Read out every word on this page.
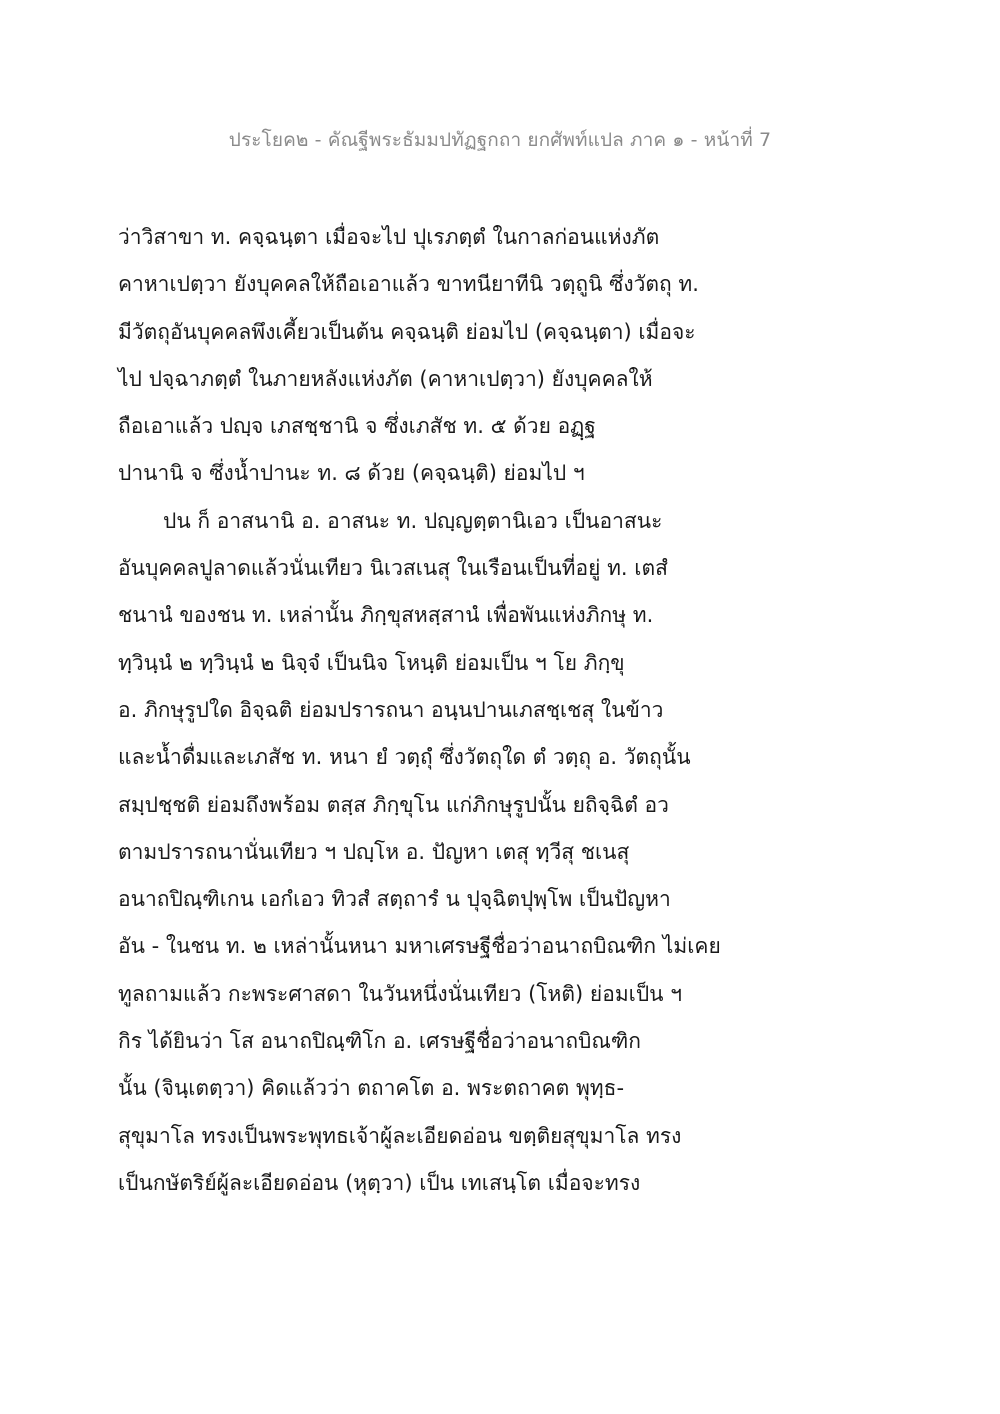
ประโยค๒ - คัณฐีพระธัมมปทัฏฐกถา ยกศัพท์แปล ภาค ๑ - หน้าที่ 7
ว่าวิสาขา ท. คจฺฉนฺตา เมื่อจะไป ปุเรภตฺตํ ในกาลก่อนแห่งภัต
คาหาเปตฺวา ยังบุคคลให้ถือเอาแล้ว ขาทนียาทีนิ วตฺถูนิ ซึ่งวัตถุ ท.
มีวัตถุอันบุคคลพึงเคี้ยวเป็นต้น คจฺฉนฺติ ย่อมไป (คจฺฉนฺตา) เมื่อจะ
ไป ปจฺฉาภตฺตํ ในภายหลังแห่งภัต (คาหาเปตฺวา) ยังบุคคลให้
ถือเอาแล้ว ปญฺจ เภสชฺชานิ จ ซึ่งเภสัช ท. ๕ ด้วย อฏฺฐ
ปานานิ จ ซึ่งน้ำปานะ ท. ๘ ด้วย (คจฺฉนฺติ) ย่อมไป ฯ
ปน ก็ อาสนานิ อ. อาสนะ ท. ปญฺญตฺตานิเอว เป็นอาสนะ
อันบุคคลปูลาดแล้วนั่นเทียว นิเวสเนสุ ในเรือนเป็นที่อยู่ ท. เตสํ
ชนานํ ของชน ท. เหล่านั้น ภิกฺขุสหสฺสานํ เพื่อพันแห่งภิกษุ ท.
ทฺวินฺนํ ๒ ทฺวินฺนํ ๒ นิจฺจํ เป็นนิจ โหนฺติ ย่อมเป็น ฯ โย ภิกฺขุ
อ. ภิกษุรูปใด อิจฺฉติ ย่อมปรารถนา อนฺนปานเภสชฺเชสุ ในข้าว
และน้ำดื่มและเภสัช ท. หนา ยํ วตฺถุํ ซึ่งวัตถุใด ตํ วตฺถุ อ. วัตถุนั้น
สมฺปชฺชติ ย่อมถึงพร้อม ตสฺส ภิกฺขุโน แก่ภิกษุรูปนั้น ยถิจฺฉิตํ อว
ตามปรารถนานั่นเทียว ฯ ปญฺโห อ. ปัญหา เตสุ ทฺวีสุ ชเนสุ
อนาถปิณฺฑิเกน เอกํเอว ทิวสํ สตฺถารํ น ปุจฺฉิตปุพฺโพ เป็นปัญหา
อัน - ในชน ท. ๒ เหล่านั้นหนา มหาเศรษฐีชื่อว่าอนาถบิณฑิก ไม่เคย
ทูลถามแล้ว กะพระศาสดา ในวันหนึ่งนั่นเทียว (โหติ) ย่อมเป็น ฯ
กิร ได้ยินว่า โส อนาถปิณฺฑิโก อ. เศรษฐีชื่อว่าอนาถบิณฑิก
นั้น (จินฺเตตฺวา) คิดแล้วว่า ตถาคโต อ. พระตถาคต พุทฺธ-
สุขุมาโล ทรงเป็นพระพุทธเจ้าผู้ละเอียดอ่อน ขตฺติยสุขุมาโล ทรง
เป็นกษัตริย์ผู้ละเอียดอ่อน (หุตฺวา) เป็น เทเสนฺโต เมื่อจะทรง
